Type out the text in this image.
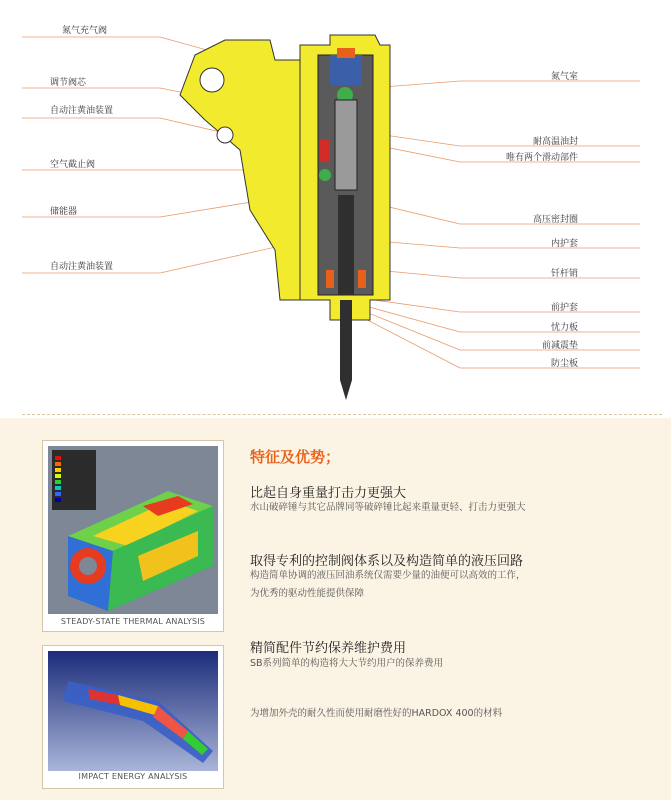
氮气充气阀
调节阀芯
自动注黄油装置
空气截止阀
储能器
自动注黄油装置
氮气室
耐高温油封
唯有两个滑动部件
高压密封圈
内护套
钎杆销
前护套
忧力板
前减震垫
防尘板
STEADY-STATE THERMAL ANALYSIS
IMPACT ENERGY ANALYSIS
特征及优势；
比起自身重量打击力更强大
水山破碎锤与其它品牌同等破碎锤比起来重量更轻、打击力更强大
取得专利的控制阀体系以及构造简单的液压回路
构造简单协调的液压回油系统仅需要少量的油便可以高效的工作，
为优秀的驱动性能提供保障
精简配件节约保养维护费用
SB系列简单的构造将大大节约用户的保养费用
为增加外壳的耐久性而使用耐磨性好的HARDOX 400的材料
